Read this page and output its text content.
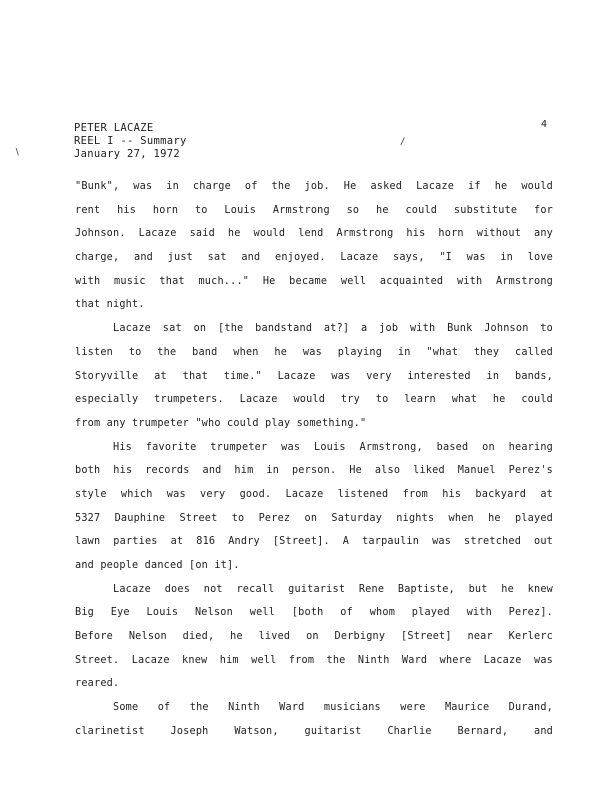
PETER LACAZE
REEL I -- Summary
January 27, 1972
4
∕
∖
"Bunk", was in charge of the job. He asked Lacaze if he would
rent his horn to Louis Armstrong so he could substitute for
Johnson. Lacaze said he would lend Armstrong his horn without any
charge, and just sat and enjoyed. Lacaze says, "I was in love
with music that much..." He became well acquainted with Armstrong
that night.
Lacaze sat on [the bandstand at?] a job with Bunk Johnson to
listen to the band when he was playing in "what they called
Storyville at that time." Lacaze was very interested in bands,
especially trumpeters. Lacaze would try to learn what he could
from any trumpeter "who could play something."
His favorite trumpeter was Louis Armstrong, based on hearing
both his records and him in person. He also liked Manuel Perez's
style which was very good. Lacaze listened from his backyard at
5327 Dauphine Street to Perez on Saturday nights when he played
lawn parties at 816 Andry [Street]. A tarpaulin was stretched out
and people danced [on it].
Lacaze does not recall guitarist Rene Baptiste, but he knew
Big Eye Louis Nelson well [both of whom played with Perez].
Before Nelson died, he lived on Derbigny [Street] near Kerlerc
Street. Lacaze knew him well from the Ninth Ward where Lacaze was
reared.
Some of the Ninth Ward musicians were Maurice Durand,
clarinetist Joseph Watson, guitarist Charlie Bernard, and
